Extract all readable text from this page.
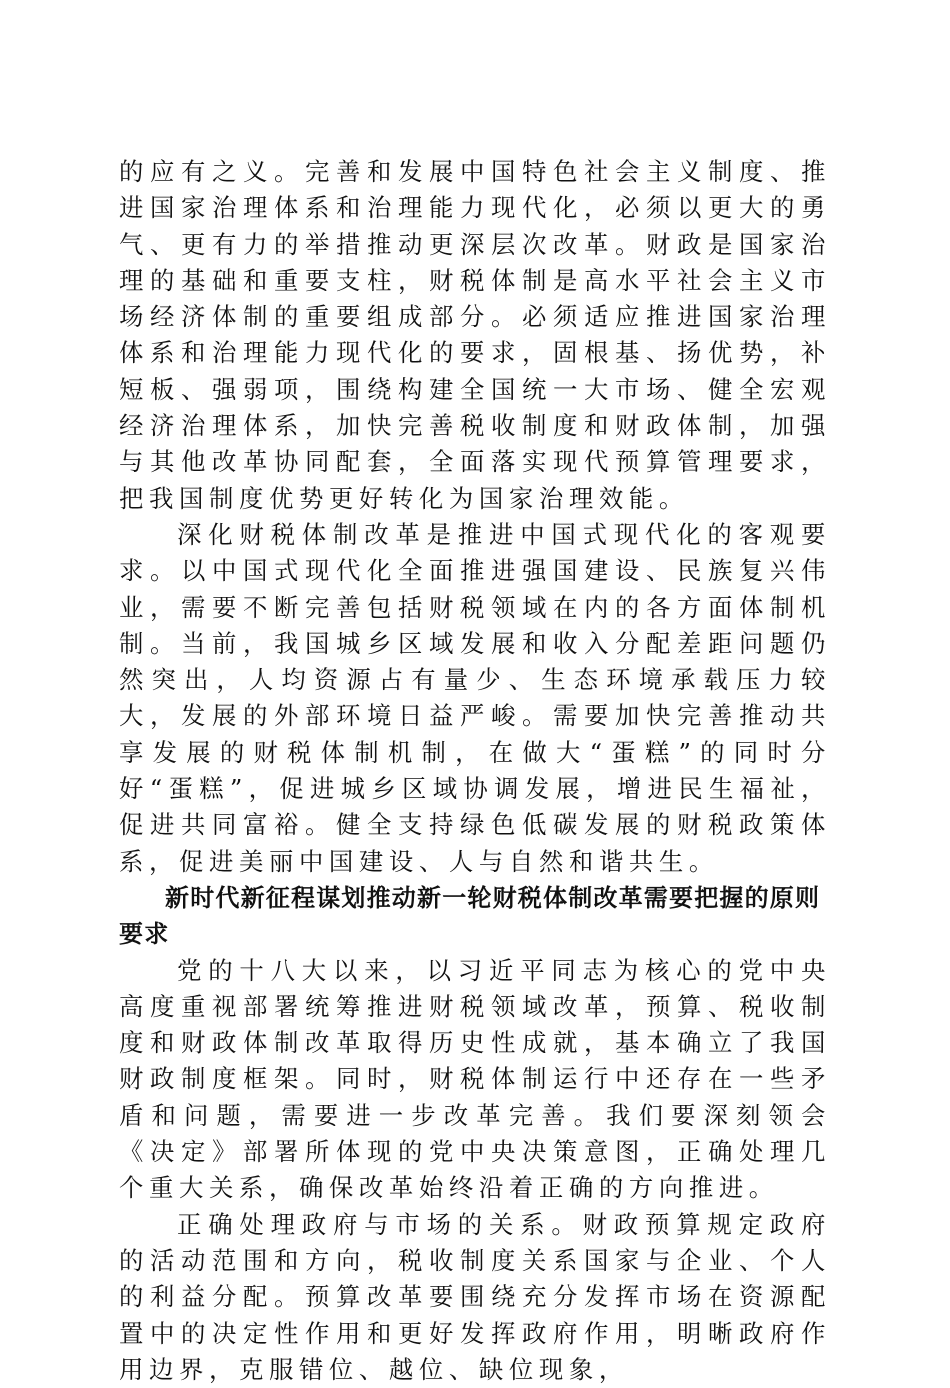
的应有之义。完善和发展中国特色社会主义制度、推进国家治理体系和治理能力现代化，必须以更大的勇气、更有力的举措推动更深层次改革。财政是国家治理的基础和重要支柱，财税体制是高水平社会主义市场经济体制的重要组成部分。必须适应推进国家治理体系和治理能力现代化的要求，固根基、扬优势，补短板、强弱项，围绕构建全国统一大市场、健全宏观经济治理体系，加快完善税收制度和财政体制，加强与其他改革协同配套，全面落实现代预算管理要求，把我国制度优势更好转化为国家治理效能。

深化财税体制改革是推进中国式现代化的客观要求。以中国式现代化全面推进强国建设、民族复兴伟业，需要不断完善包括财税领域在内的各方面体制机制。当前，我国城乡区域发展和收入分配差距问题仍然突出，人均资源占有量少、生态环境承载压力较大，发展的外部环境日益严峻。需要加快完善推动共享发展的财税体制机制，在做大“蛋糕”的同时分好“蛋糕”，促进城乡区域协调发展，增进民生福祉，促进共同富裕。健全支持绿色低碳发展的财税政策体系，促进美丽中国建设、人与自然和谐共生。

新时代新征程谋划推动新一轮财税体制改革需要把握的原则要求

党的十八大以来，以习近平同志为核心的党中央高度重视部署统筹推进财税领域改革，预算、税收制度和财政体制改革取得历史性成就，基本确立了我国财政制度框架。同时，财税体制运行中还存在一些矛盾和问题，需要进一步改革完善。我们要深刻领会《决定》部署所体现的党中央决策意图，正确处理几个重大关系，确保改革始终沿着正确的方向推进。

正确处理政府与市场的关系。财政预算规定政府的活动范围和方向，税收制度关系国家与企业、个人的利益分配。预算改革要围绕充分发挥市场在资源配置中的决定性作用和更好发挥政府作用，明晰政府作用边界，克服错位、越位、缺位现象，
